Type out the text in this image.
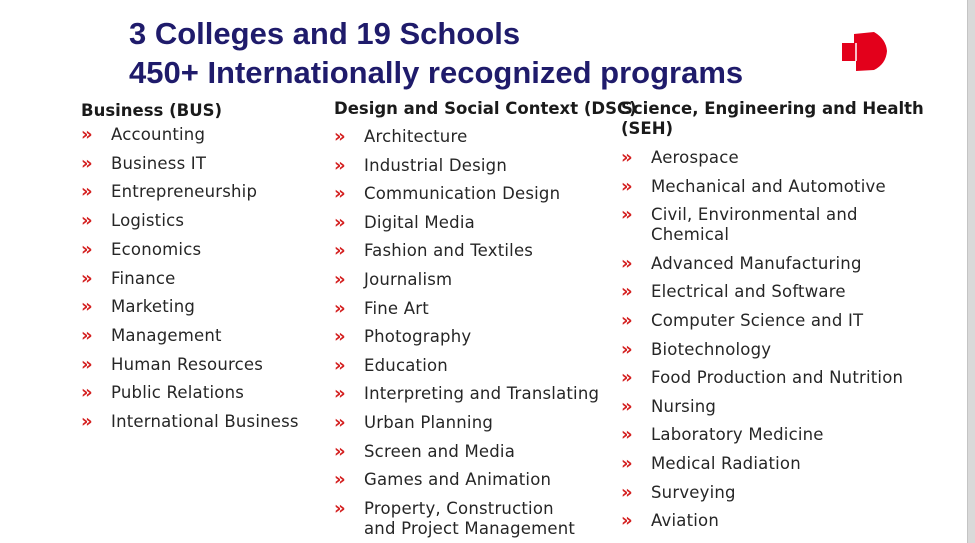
3 Colleges and 19 Schools
450+ Internationally recognized programs
Business (BUS)
» Accounting
» Business IT
» Entrepreneurship
» Logistics
» Economics
» Finance
» Marketing
» Management
» Human Resources
» Public Relations
» International Business
Design and Social Context (DSC)
» Architecture
» Industrial Design
» Communication Design
» Digital Media
» Fashion and Textiles
» Journalism
» Fine Art
» Photography
» Education
» Interpreting and Translating
» Urban Planning
» Screen and Media
» Games and Animation
» Property, Construction
and Project Management
Science, Engineering and Health
(SEH)
» Aerospace
» Mechanical and Automotive
» Civil, Environmental and
Chemical
» Advanced Manufacturing
» Electrical and Software
» Computer Science and IT
» Biotechnology
» Food Production and Nutrition
» Nursing
» Laboratory Medicine
» Medical Radiation
» Surveying
» Aviation
